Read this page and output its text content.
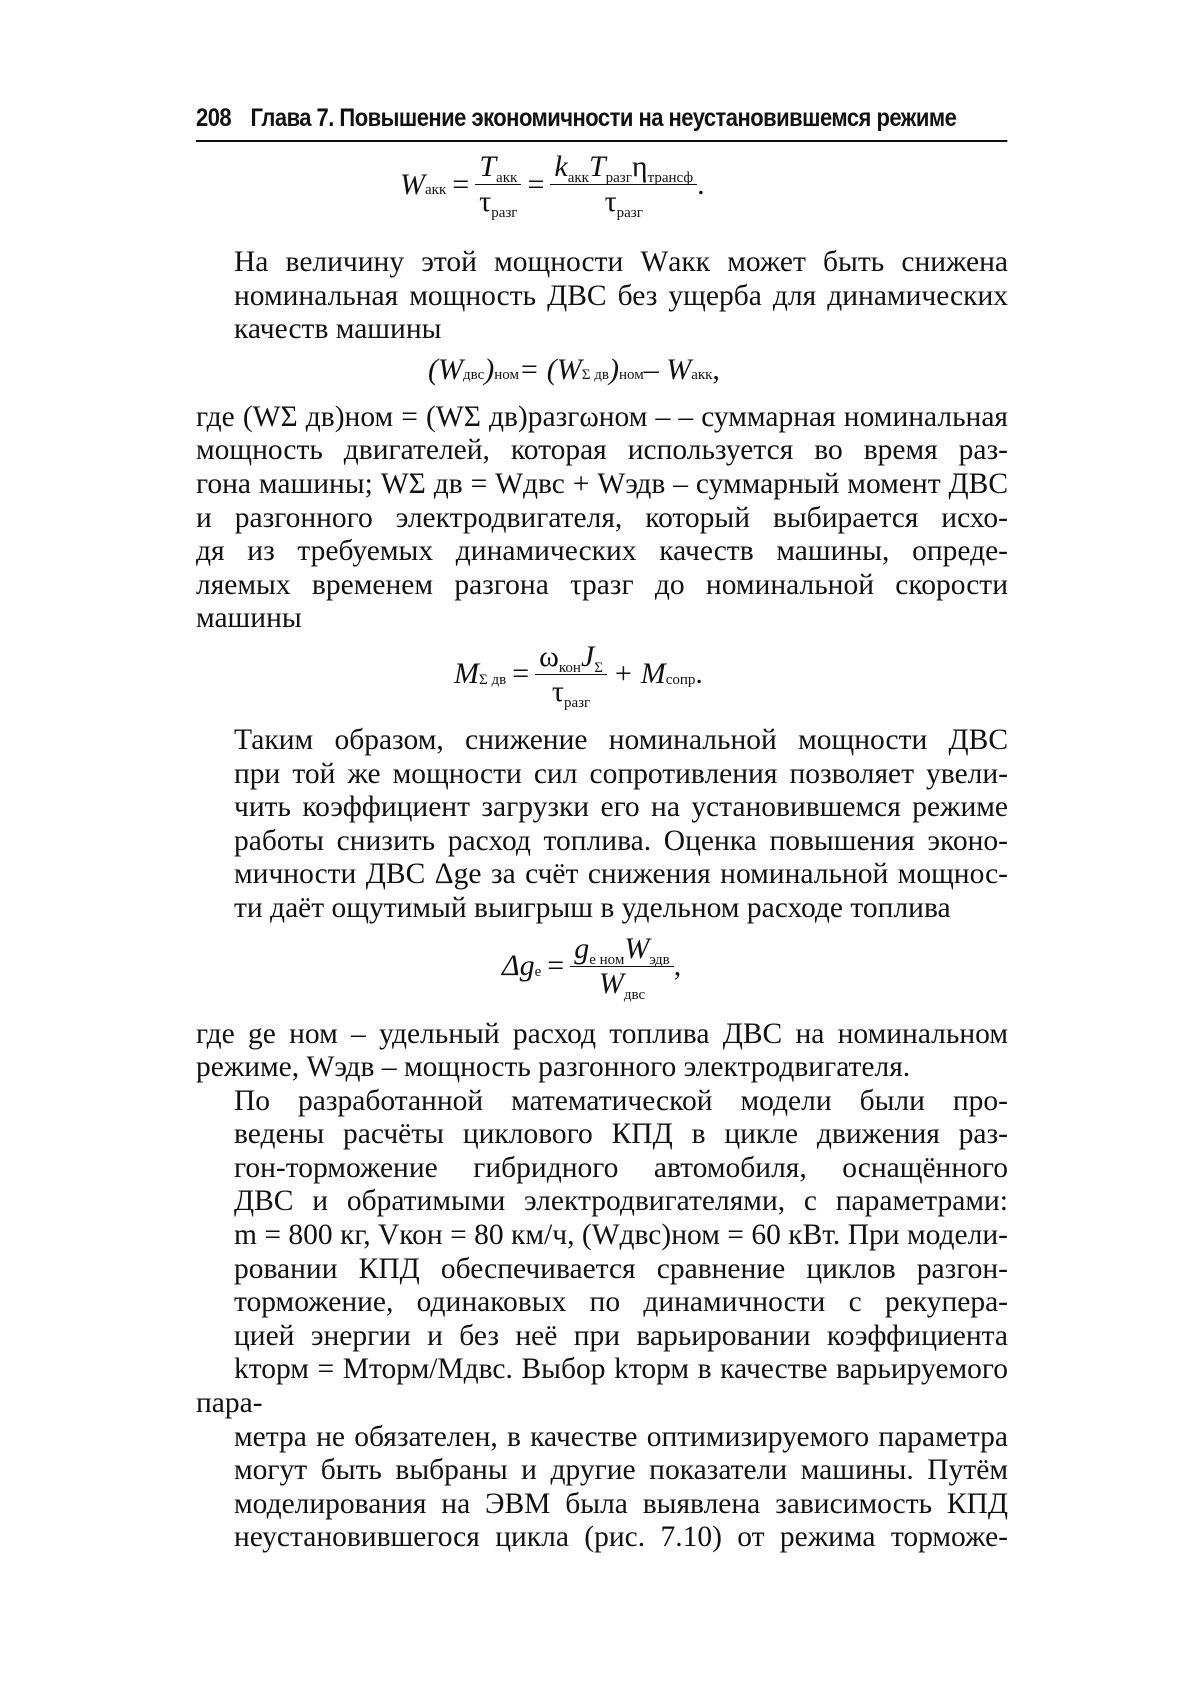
208 Глава 7. Повышение экономичности на неустановившемся режиме
W акк = $\frac{T_{акк}}{\tau_{разг}} = \frac{k_{акк}T_{разг}\eta_{трансф}}{\tau_{разг}}$ .

На величину этой мощности Wакк может быть снижена
номинальная мощность ДВС без ущерба для динамических
качеств машины

(W двс ) ном = (W Σ дв ) ном – W акк ,

где (WΣ дв)ном = (WΣ дв)разгωном – – суммарная номинальная
мощность двигателей, которая используется во время раз-
гона машины; WΣ дв = Wдвс + Wэдв – суммарный момент ДВС
и разгонного электродвигателя, который выбирается исхо-
дя из требуемых динамических качеств машины, опреде-
ляемых временем разгона τразг до номинальной скорости
машины

M Σ дв = $\frac{\omega_{кон}J_\Sigma}{\tau_{разг}} + M$ сопр .

Таким образом, снижение номинальной мощности ДВС
при той же мощности сил сопротивления позволяет увели-
чить коэффициент загрузки его на установившемся режиме
работы снизить расход топлива. Оценка повышения эконо-
мичности ДВС Δge за счёт снижения номинальной мощнос-
ти даёт ощутимый выигрыш в удельном расходе топлива

Δg $e = \frac{g_{e ном}W_{эдв}}{W_{двс}}$ ,

где ge ном – удельный расход топлива ДВС на номинальном
режиме, Wэдв – мощность разгонного электродвигателя.

По разработанной математической модели были про-
ведены расчёты циклового КПД в цикле движения раз-
гон-торможение гибридного автомобиля, оснащённого
ДВС и обратимыми электродвигателями, с параметрами:
m = 800 кг, Vкон = 80 км/ч, (Wдвс)ном = 60 кВт. При модели-
ровании КПД обеспечивается сравнение циклов разгон-
торможение, одинаковых по динамичности с рекупера-
цией энергии и без неё при варьировании коэффициента
kторм = Mторм/Mдвс. Выбор kторм в качестве варьируемого пара-
метра не обязателен, в качестве оптимизируемого параметра
могут быть выбраны и другие показатели машины. Путём
моделирования на ЭВМ была выявлена зависимость КПД
неустановившегося цикла (рис. 7.10) от режима торможе-
